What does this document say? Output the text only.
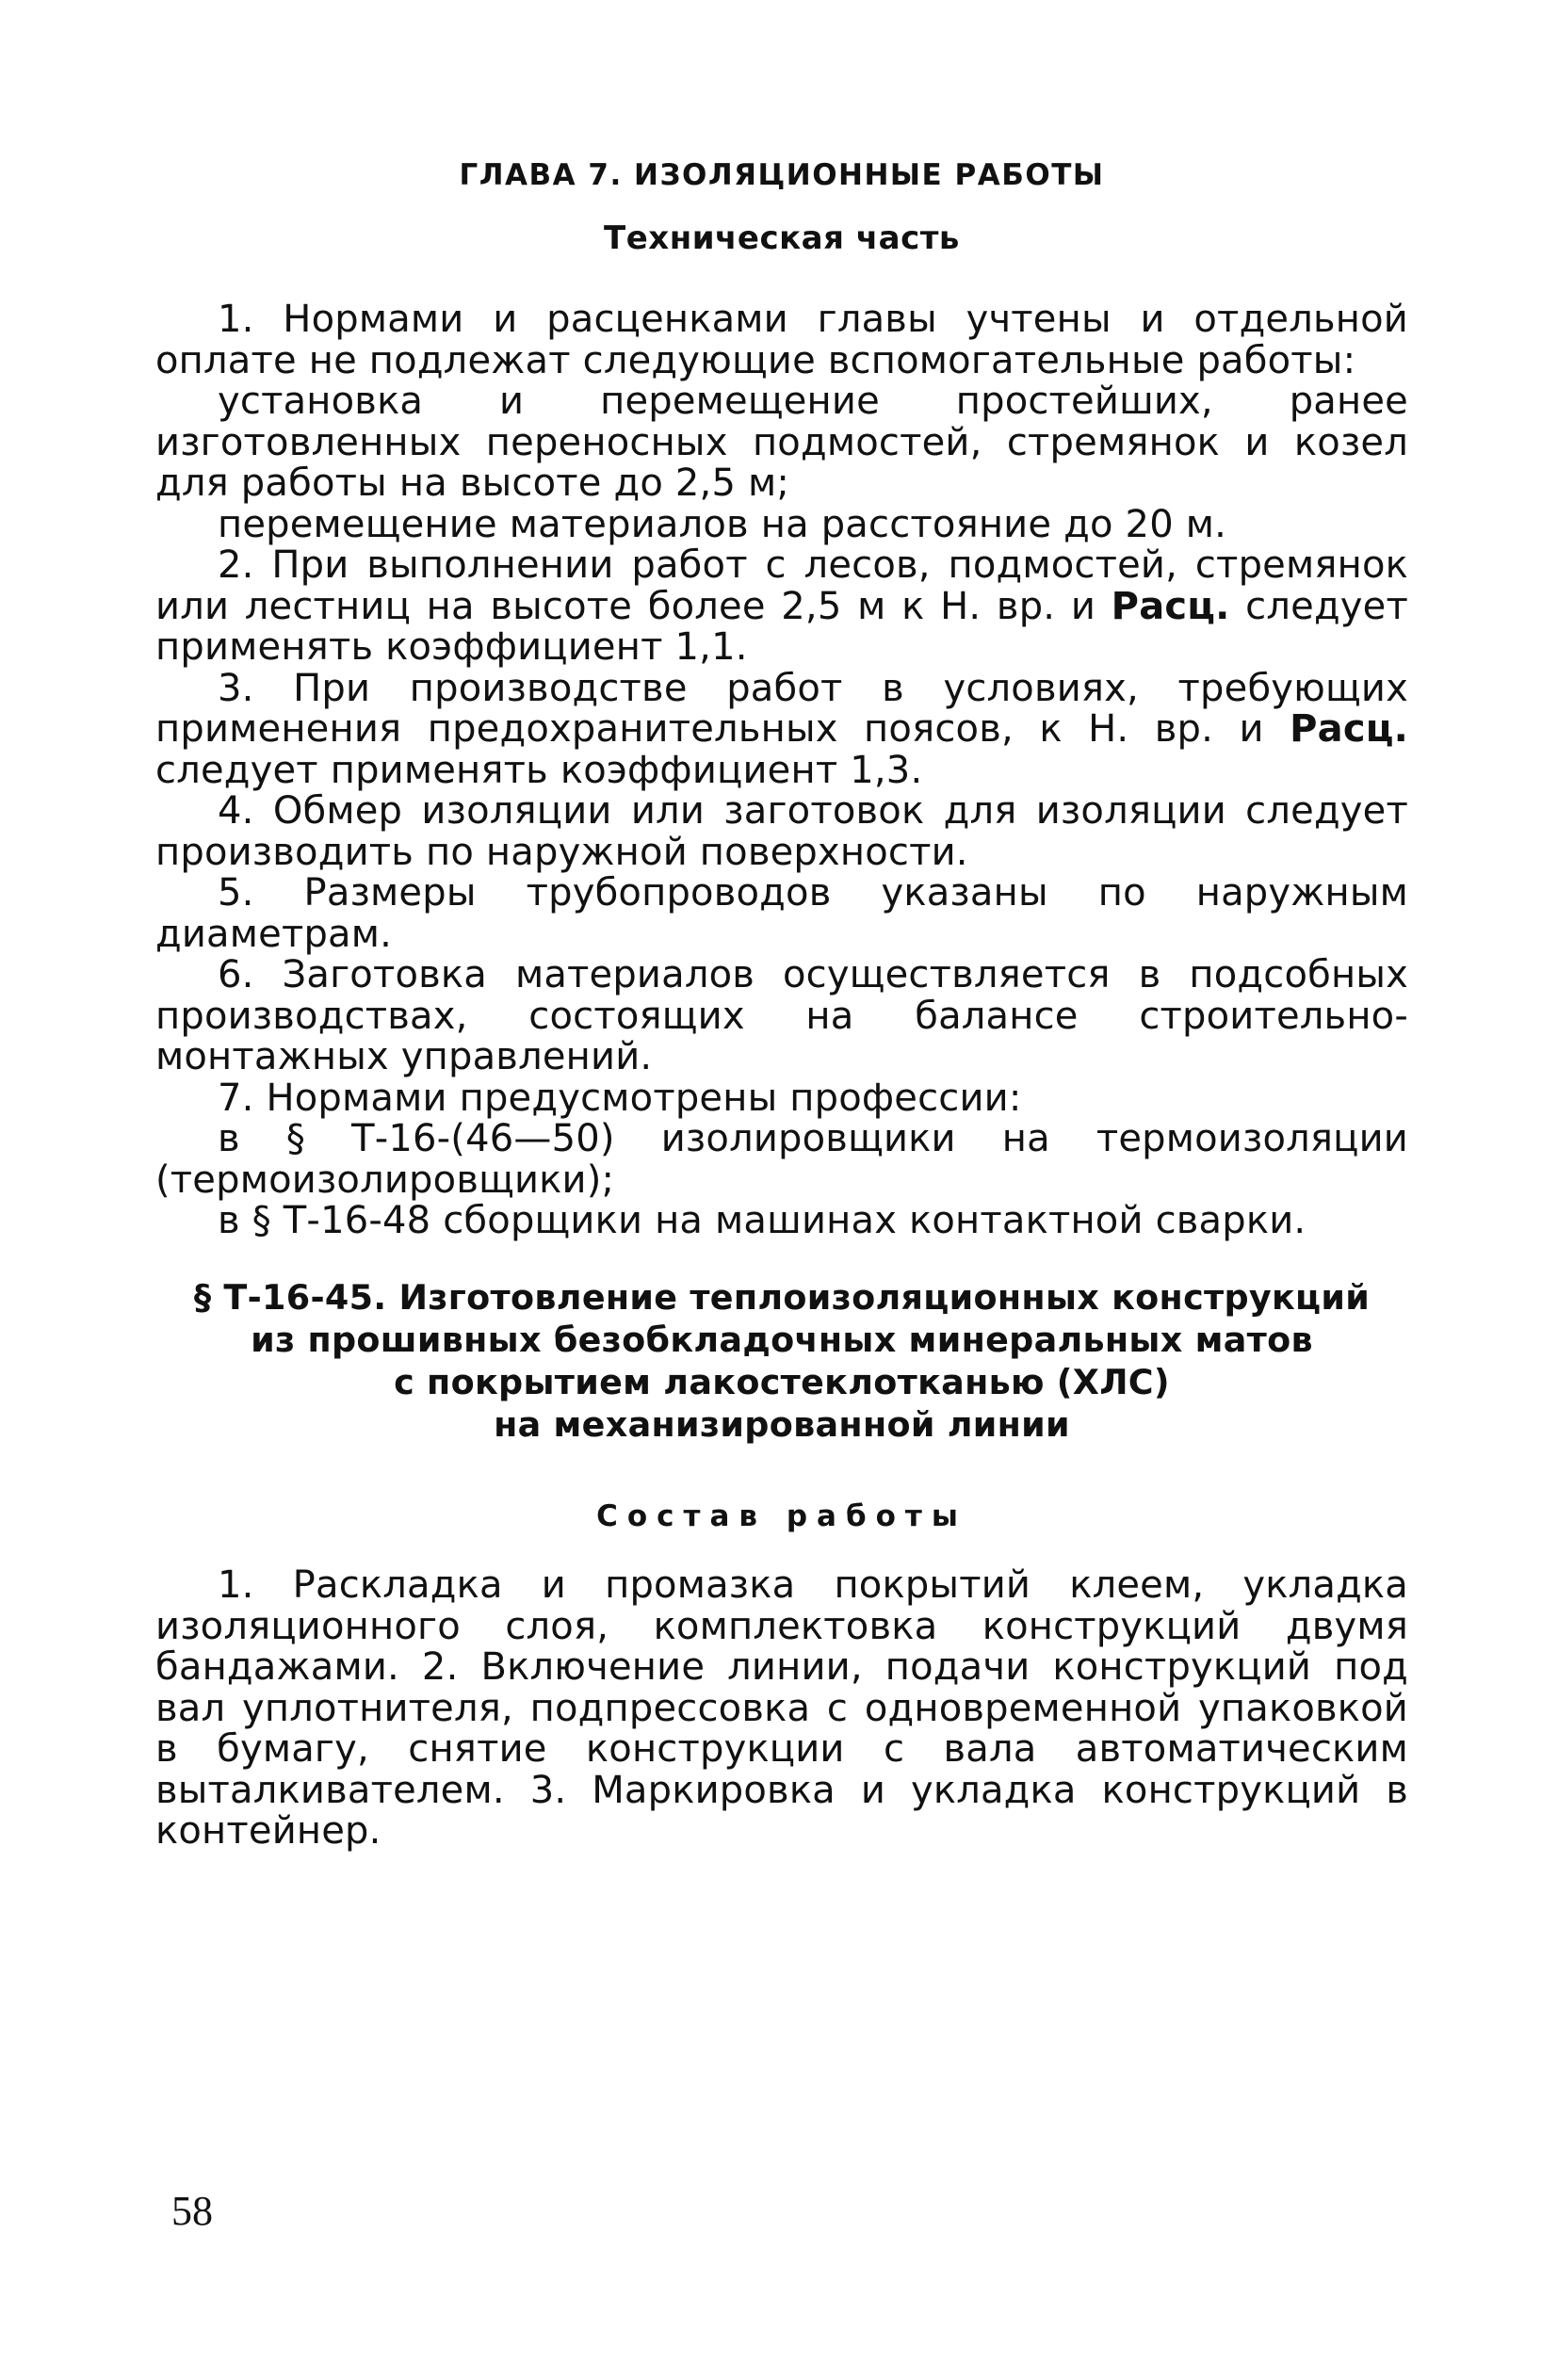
ГЛАВА 7. ИЗОЛЯЦИОННЫЕ РАБОТЫ
Техническая часть

1. Нормами и расценками главы учтены и отдельной оплате не подлежат следующие вспомогательные работы:

установка и перемещение простейших, ранее изготовленных переносных подмостей, стремянок и козел для работы на высоте до 2,5 м;

перемещение материалов на расстояние до 20 м.

2. При выполнении работ с лесов, подмостей, стремянок или лестниц на высоте более 2,5 м к Н. вр. и Расц. следует применять коэффициент 1,1.

3. При производстве работ в условиях, требующих применения предохранительных поясов, к Н. вр. и Расц. следует применять коэффициент 1,3.

4. Обмер изоляции или заготовок для изоляции следует производить по наружной поверхности.

5. Размеры трубопроводов указаны по наружным диаметрам.

6. Заготовка материалов осуществляется в подсобных производствах, состоящих на балансе строительно-монтажных управлений.

7. Нормами предусмотрены профессии:

в § Т-16-(46—50) изолировщики на термоизоляции (термоизолировщики);

в § Т-16-48 сборщики на машинах контактной сварки.

§ Т-16-45. Изготовление теплоизоляционных конструкций
из прошивных безобкладочных минеральных матов
с покрытием лакостеклотканью (ХЛС)
на механизированной линии
Состав работы

1. Раскладка и промазка покрытий клеем, укладка изоляционного слоя, комплектовка конструкций двумя бандажами. 2. Включение линии, подачи конструкций под вал уплотнителя, подпрессовка с одновременной упаковкой в бумагу, снятие конструкции с вала автоматическим выталкивателем. 3. Маркировка и укладка конструкций в контейнер.

58
